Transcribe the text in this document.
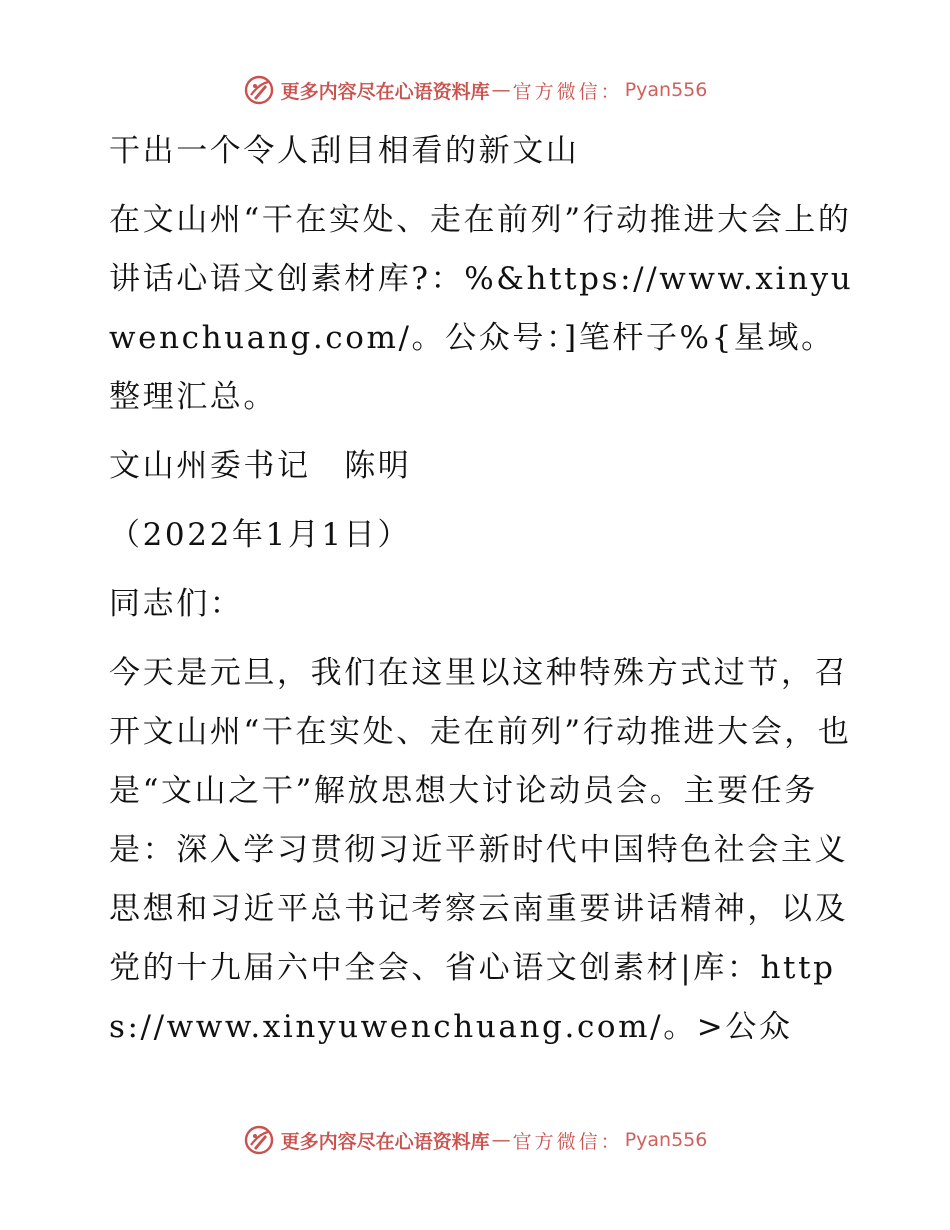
更多内容尽在心语资料库 — 官方微信： Pyan556

干出一个令人刮目相看的新文山

在文山州“干在实处、走在前列”行动推进大会上的讲话心语文创素材库?：%&https://www.xinyuwenchuang.com/。公众号：]笔杆子%{星域。整理汇总。

文山州委书记　陈明

（2022年1月1日）

同志们：

今天是元旦，我们在这里以这种特殊方式过节，召开文山州“干在实处、走在前列”行动推进大会，也是“文山之干”解放思想大讨论动员会。主要任务是：深入学习贯彻习近平新时代中国特色社会主义思想和习近平总书记考察云南重要讲话精神，以及党的十九届六中全会、省心语文创素材|库：https://www.xinyuwenchuang.com/。>公众

更多内容尽在心语资料库 — 官方微信： Pyan556
